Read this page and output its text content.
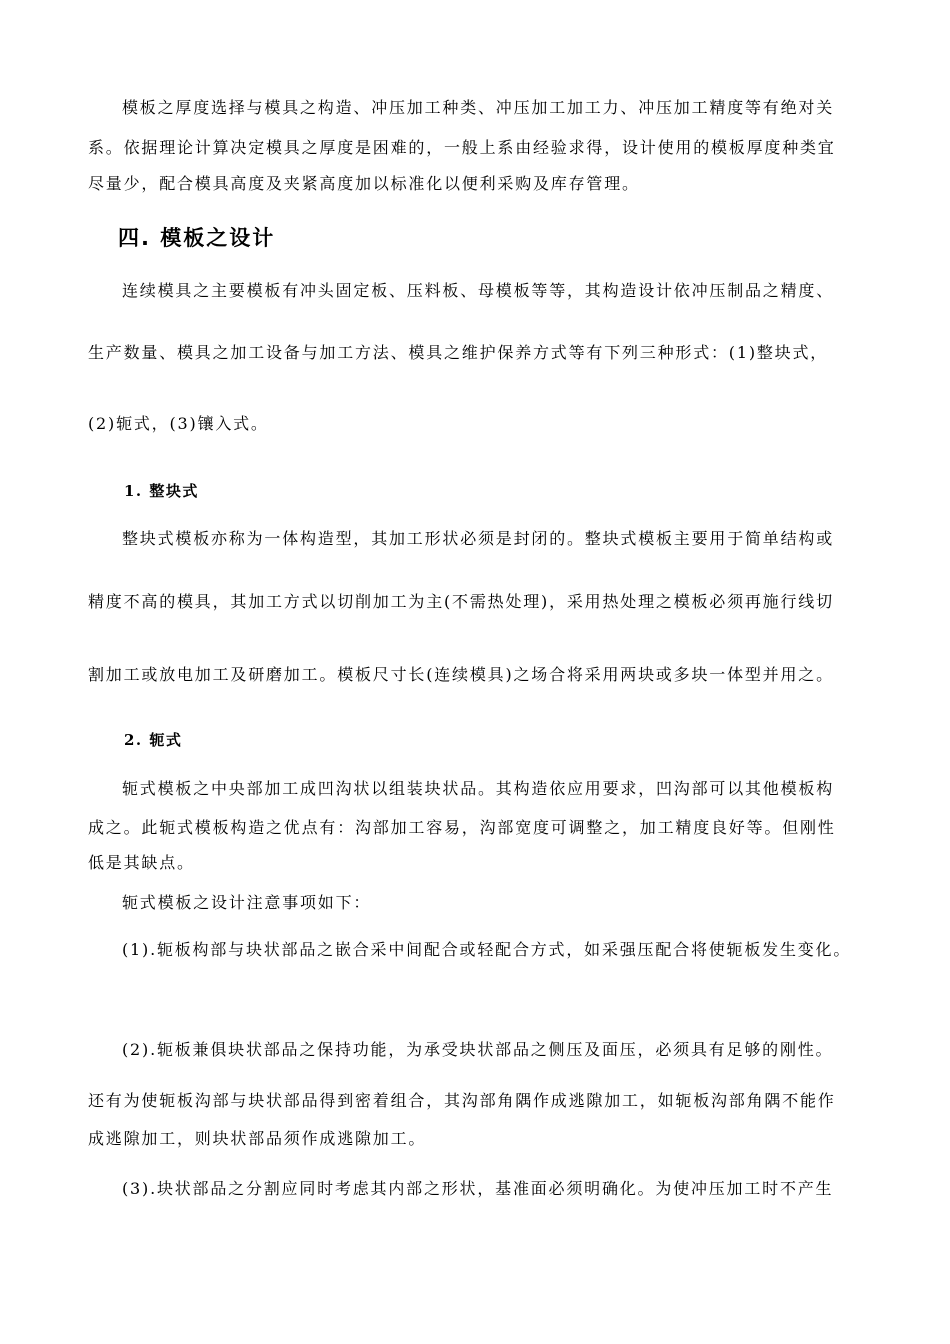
模板之厚度选择与模具之构造、冲压加工种类、冲压加工加工力、冲压加工精度等有绝对关
系。依据理论计算决定模具之厚度是困难的，一般上系由经验求得，设计使用的模板厚度种类宜
尽量少，配合模具高度及夹紧高度加以标准化以便利采购及库存管理。
四. 模板之设计
连续模具之主要模板有冲头固定板、压料板、母模板等等，其构造设计依冲压制品之精度、
生产数量、模具之加工设备与加工方法、模具之维护保养方式等有下列三种形式：(1)整块式，
(2)轭式，(3)镶入式。
1. 整块式
整块式模板亦称为一体构造型，其加工形状必须是封闭的。整块式模板主要用于简单结构或
精度不高的模具，其加工方式以切削加工为主(不需热处理)，采用热处理之模板必须再施行线切
割加工或放电加工及研磨加工。模板尺寸长(连续模具)之场合将采用两块或多块一体型并用之。
2. 轭式
轭式模板之中央部加工成凹沟状以组装块状品。其构造依应用要求，凹沟部可以其他模板构
成之。此轭式模板构造之优点有：沟部加工容易，沟部宽度可调整之，加工精度良好等。但刚性
低是其缺点。
轭式模板之设计注意事项如下：
(1).轭板构部与块状部品之嵌合采中间配合或轻配合方式，如采强压配合将使轭板发生变化。
(2).轭板兼俱块状部品之保持功能，为承受块状部品之侧压及面压，必须具有足够的刚性。
还有为使轭板沟部与块状部品得到密着组合，其沟部角隅作成逃隙加工，如轭板沟部角隅不能作
成逃隙加工，则块状部品须作成逃隙加工。
(3).块状部品之分割应同时考虑其内部之形状，基准面必须明确化。为使冲压加工时不产生
